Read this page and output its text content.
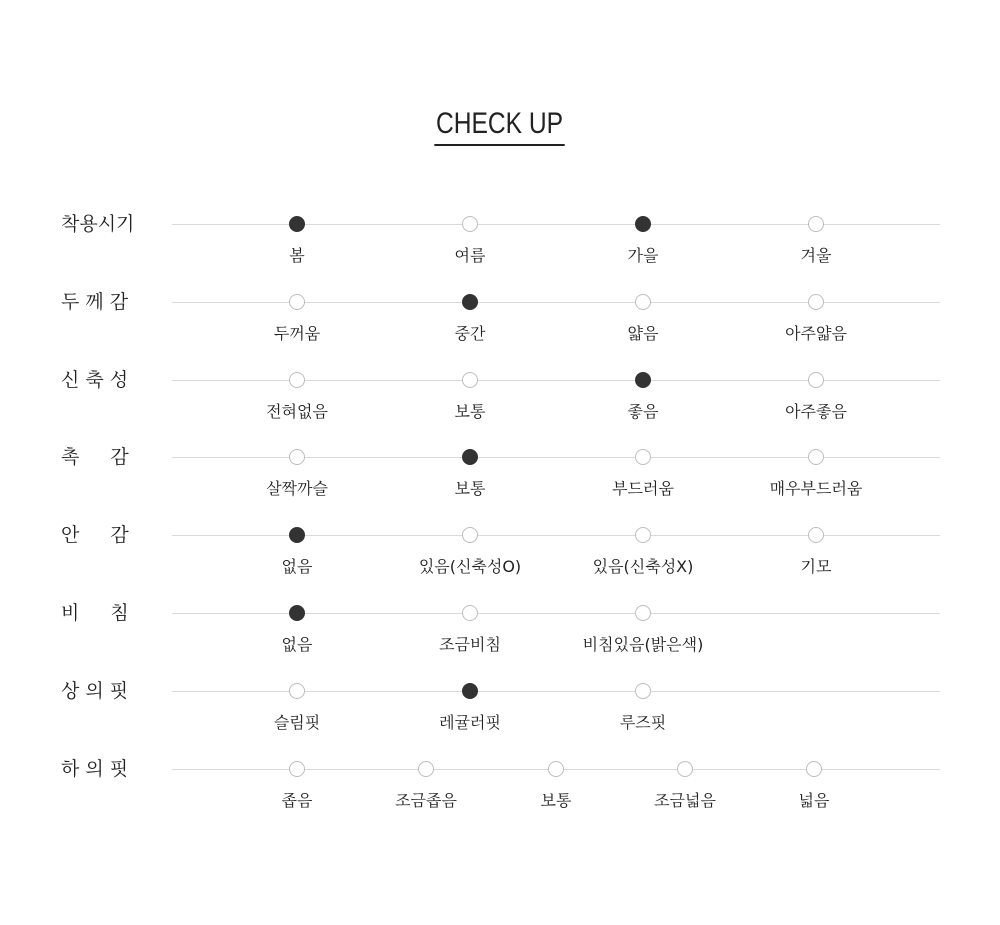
CHECK UP
착용시기
봄	여름	가을	겨울
두 께 감
두꺼움	중간	얇음	아주얇음
신 축 성
전혀없음	보통	좋음	아주좋음
촉 　 감
살짝까슬	보통	부드러움	매우부드러움
안 　 감
없음	있음(신축성O)	있음(신축성X)	기모
비 　 침
없음	조금비침	비침있음(밝은색)
상 의 핏
슬림핏	레귤러핏	루즈핏
하 의 핏
좁음	조금좁음	보통	조금넓음	넓음
